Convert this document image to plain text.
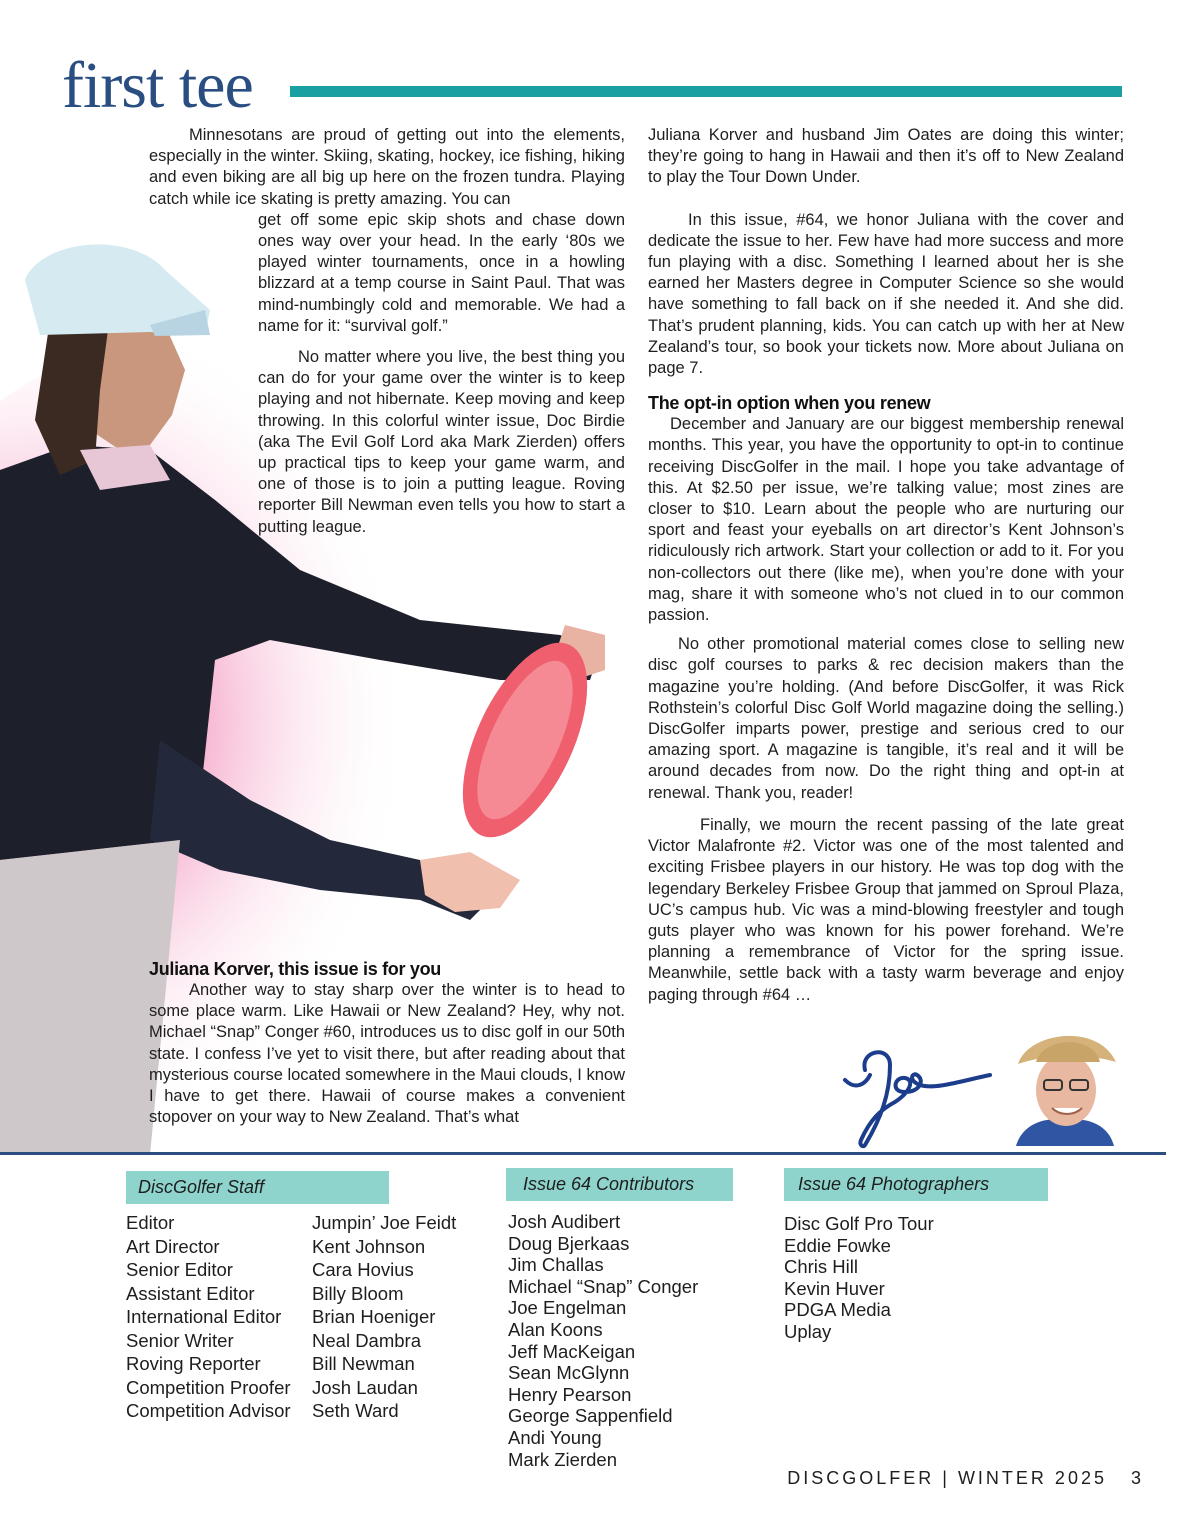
first tee

Minnesotans are proud of getting out into the elements, especially in the winter. Skiing, skating, hockey, ice fishing, hiking and even biking are all big up here on the frozen tundra. Playing catch while ice skating is pretty amazing. You can

get off some epic skip shots and chase down ones way over your head. In the early ‘80s we played winter tournaments, once in a howling blizzard at a temp course in Saint Paul. That was mind-numbingly cold and memorable. We had a name for it: “survival golf.”

No matter where you live, the best thing you can do for your game over the winter is to keep playing and not hibernate. Keep moving and keep throwing. In this colorful winter issue, Doc Birdie (aka The Evil Golf Lord aka Mark Zierden) offers up practical tips to keep your game warm, and one of those is to join a putting league. Roving reporter Bill Newman even tells you how to start a putting league.

Juliana Korver, this issue is for you

Another way to stay sharp over the winter is to head to some place warm. Like Hawaii or New Zealand? Hey, why not. Michael “Snap” Conger #60, introduces us to disc golf in our 50th state. I confess I’ve yet to visit there, but after reading about that mysterious course located somewhere in the Maui clouds, I know I have to get there. Hawaii of course makes a convenient stopover on your way to New Zealand. That’s what

Juliana Korver and husband Jim Oates are doing this winter; they’re going to hang in Hawaii and then it’s off to New Zealand to play the Tour Down Under.

In this issue, #64, we honor Juliana with the cover and dedicate the issue to her. Few have had more success and more fun playing with a disc. Something I learned about her is she earned her Masters degree in Computer Science so she would have something to fall back on if she needed it. And she did. That’s prudent planning, kids. You can catch up with her at New Zealand’s tour, so book your tickets now. More about Juliana on page 7.

The opt-in option when you renew

December and January are our biggest membership renewal months. This year, you have the opportunity to opt-in to continue receiving DiscGolfer in the mail. I hope you take advantage of this. At $2.50 per issue, we’re talking value; most zines are closer to $10. Learn about the people who are nurturing our sport and feast your eyeballs on art director’s Kent Johnson’s ridiculously rich artwork. Start your collection or add to it. For you non-collectors out there (like me), when you’re done with your mag, share it with someone who’s not clued in to our common passion.

No other promotional material comes close to selling new disc golf courses to parks & rec decision makers than the magazine you’re holding. (And before DiscGolfer, it was Rick Rothstein’s colorful Disc Golf World magazine doing the selling.) DiscGolfer imparts power, prestige and serious cred to our amazing sport. A magazine is tangible, it’s real and it will be around decades from now. Do the right thing and opt-in at renewal. Thank you, reader!

Finally, we mourn the recent passing of the late great Victor Malafronte #2. Victor was one of the most talented and exciting Frisbee players in our history. He was top dog with the legendary Berkeley Frisbee Group that jammed on Sproul Plaza, UC’s campus hub. Vic was a mind-blowing freestyler and tough guts player who was known for his power forehand. We’re planning a remembrance of Victor for the spring issue. Meanwhile, settle back with a tasty warm beverage and enjoy paging through #64 …

DiscGolfer Staff	Issue 64 Contributors	Issue 64 Photographers
Editor
Art Director
Senior Editor
Assistant Editor
International Editor
Senior Writer
Roving Reporter
Competition Proofer
Competition Advisor
Jumpin’ Joe Feidt
Kent Johnson
Cara Hovius
Billy Bloom
Brian Hoeniger
Neal Dambra
Bill Newman
Josh Laudan
Seth Ward
Josh Audibert
Doug Bjerkaas
Jim Challas
Michael “Snap” Conger
Joe Engelman
Alan Koons
Jeff MacKeigan
Sean McGlynn
Henry Pearson
George Sappenfield
Andi Young
Mark Zierden
Disc Golf Pro Tour
Eddie Fowke
Chris Hill
Kevin Huver
PDGA Media
Uplay
DISCGOLFER | WINTER 2025   3
